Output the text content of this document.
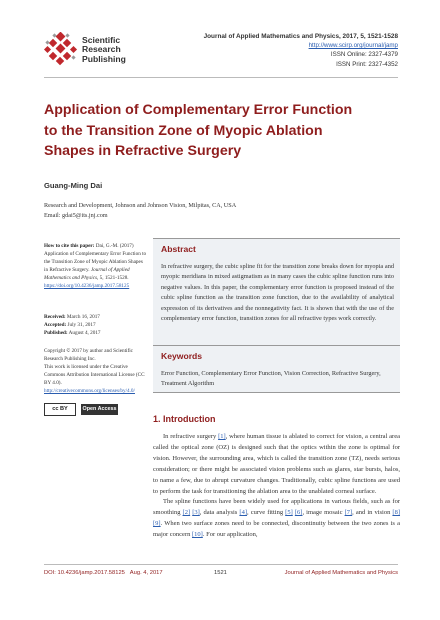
Scientific
Research
Publishing
Journal of Applied Mathematics and Physics, 2017, 5, 1521-1528
http://www.scirp.org/journal/jamp
ISSN Online: 2327-4379
ISSN Print: 2327-4352
Application of Complementary Error Function
to the Transition Zone of Myopic Ablation
Shapes in Refractive Surgery
Guang-Ming Dai
Research and Development, Johnson and Johnson Vision, Milpitas, CA, USA
Email: gdai5@its.jnj.com
How to cite this paper: Dai, G.-M. (2017) Application of Complementary Error Function to the Transition Zone of Myopic Ablation Shapes in Refractive Surgery. Journal of Applied Mathematics and Physics, 5, 1521-1528.
https://doi.org/10.4236/jamp.2017.58125
Received: March 16, 2017
Accepted: July 31, 2017
Published: August 4, 2017
Copyright © 2017 by author and Scientific Research Publishing Inc.
This work is licensed under the Creative Commons Attribution International License (CC BY 4.0).
http://creativecommons.org/licenses/by/4.0/
cc BY	Open Access
Abstract
In refractive surgery, the cubic spline fit for the transition zone breaks down for myopia and myopic meridians in mixed astigmatism as in many cases the cubic spline function runs into negative values. In this paper, the complementary error function is proposed instead of the cubic spline function as the transition zone function, due to the availability of analytical expression of its derivatives and the nonnegativity fact. It is shown that with the use of the complementary error function, transition zones for all refractive types work correctly.
Keywords
Error Function, Complementary Error Function, Vision Correction, Refractive Surgery, Treatment Algorithm
1. Introduction

In refractive surgery [1], where human tissue is ablated to correct for vision, a central area called the optical zone (OZ) is designed such that the optics within the zone is optimal for vision. However, the surrounding area, which is called the transition zone (TZ), needs serious consideration; or there might be associated vision problems such as glares, star bursts, halos, to name a few, due to abrupt curvature changes. Traditionally, cubic spline functions are used to perform the task for transitioning the ablation area to the unablated corneal surface.

The spline functions have been widely used for applications in various fields, such as for smoothing [2] [3], data analysis [4], curve fitting [5] [6], image mosaic [7], and in vision [8] [9]. When two surface zones need to be connected, discontinuity between the two zones is a major concern [10]. For our application,

DOI: 10.4236/jamp.2017.58125 Aug. 4, 2017	1521	Journal of Applied Mathematics and Physics
